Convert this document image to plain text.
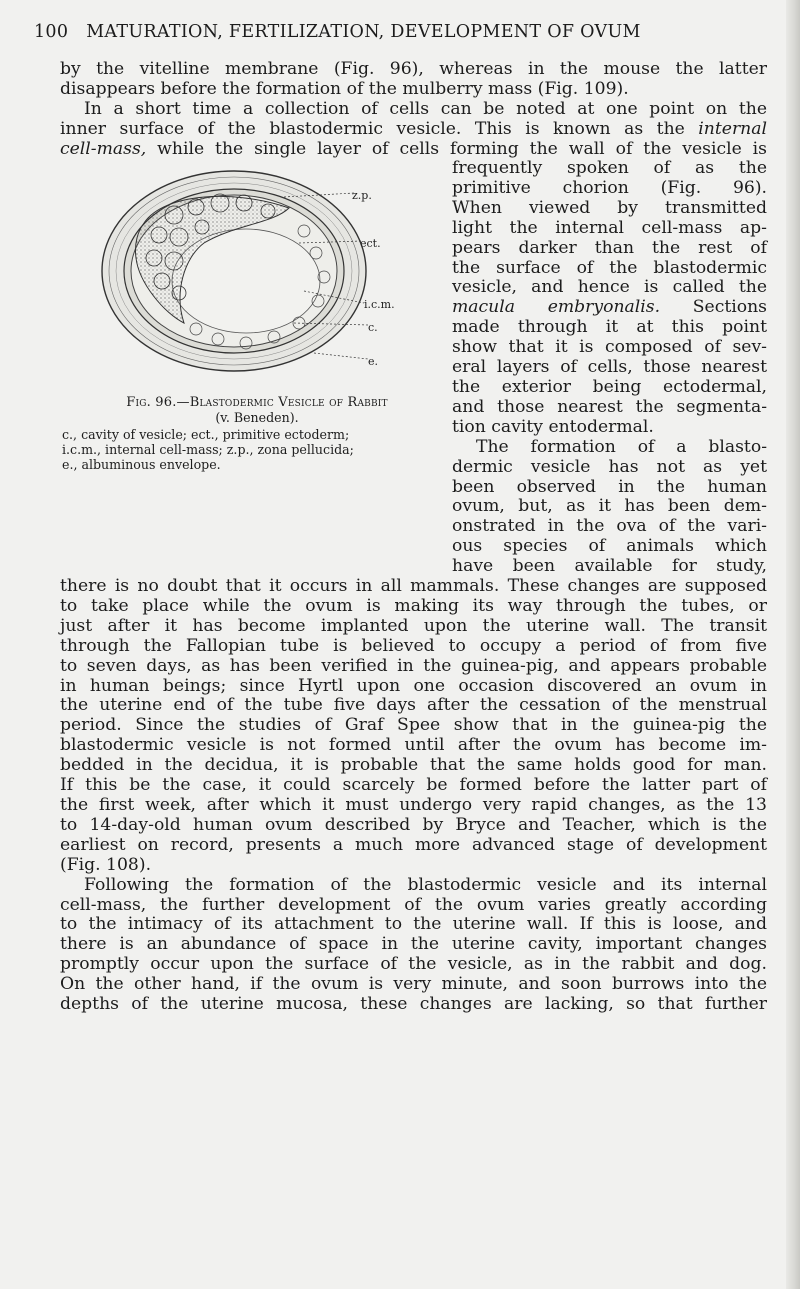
100 MATURATION, FERTILIZATION, DEVELOPMENT OF OVUM

by the vitelline membrane (Fig. 96), whereas in the mouse the latter

disappears before the formation of the mulberry mass (Fig. 109).

In a short time a collection of cells can be noted at one point on the

inner surface of the blastodermic vesicle. This is known as the internal

cell-mass, while the single layer of cells forming the wall of the vesicle is

z.p.
ect.
i.c.m.
c.
e.
Fig. 96.—Blastodermic Vesicle of Rabbit
(v. Beneden).
c., cavity of vesicle; ect., primitive ectoderm;
i.c.m., internal cell-mass; z.p., zona pellucida;
e., albuminous envelope.

frequently spoken of as the

primitive chorion (Fig. 96).

When viewed by transmitted

light the internal cell-mass ap-

pears darker than the rest of

the surface of the blastodermic

vesicle, and hence is called the

macula embryonalis. Sections

made through it at this point

show that it is composed of sev-

eral layers of cells, those nearest

the exterior being ectodermal,

and those nearest the segmenta-

tion cavity entodermal.

The formation of a blasto-

dermic vesicle has not as yet

been observed in the human

ovum, but, as it has been dem-

onstrated in the ova of the vari-

ous species of animals which

have been available for study,

there is no doubt that it occurs in all mammals. These changes are supposed

to take place while the ovum is making its way through the tubes, or

just after it has become implanted upon the uterine wall. The transit

through the Fallopian tube is believed to occupy a period of from five

to seven days, as has been verified in the guinea-pig, and appears probable

in human beings; since Hyrtl upon one occasion discovered an ovum in

the uterine end of the tube five days after the cessation of the menstrual

period. Since the studies of Graf Spee show that in the guinea-pig the

blastodermic vesicle is not formed until after the ovum has become im-

bedded in the decidua, it is probable that the same holds good for man.

If this be the case, it could scarcely be formed before the latter part of

the first week, after which it must undergo very rapid changes, as the 13

to 14-day-old human ovum described by Bryce and Teacher, which is the

earliest on record, presents a much more advanced stage of development

(Fig. 108).

Following the formation of the blastodermic vesicle and its internal

cell-mass, the further development of the ovum varies greatly according

to the intimacy of its attachment to the uterine wall. If this is loose, and

there is an abundance of space in the uterine cavity, important changes

promptly occur upon the surface of the vesicle, as in the rabbit and dog.

On the other hand, if the ovum is very minute, and soon burrows into the

depths of the uterine mucosa, these changes are lacking, so that further
